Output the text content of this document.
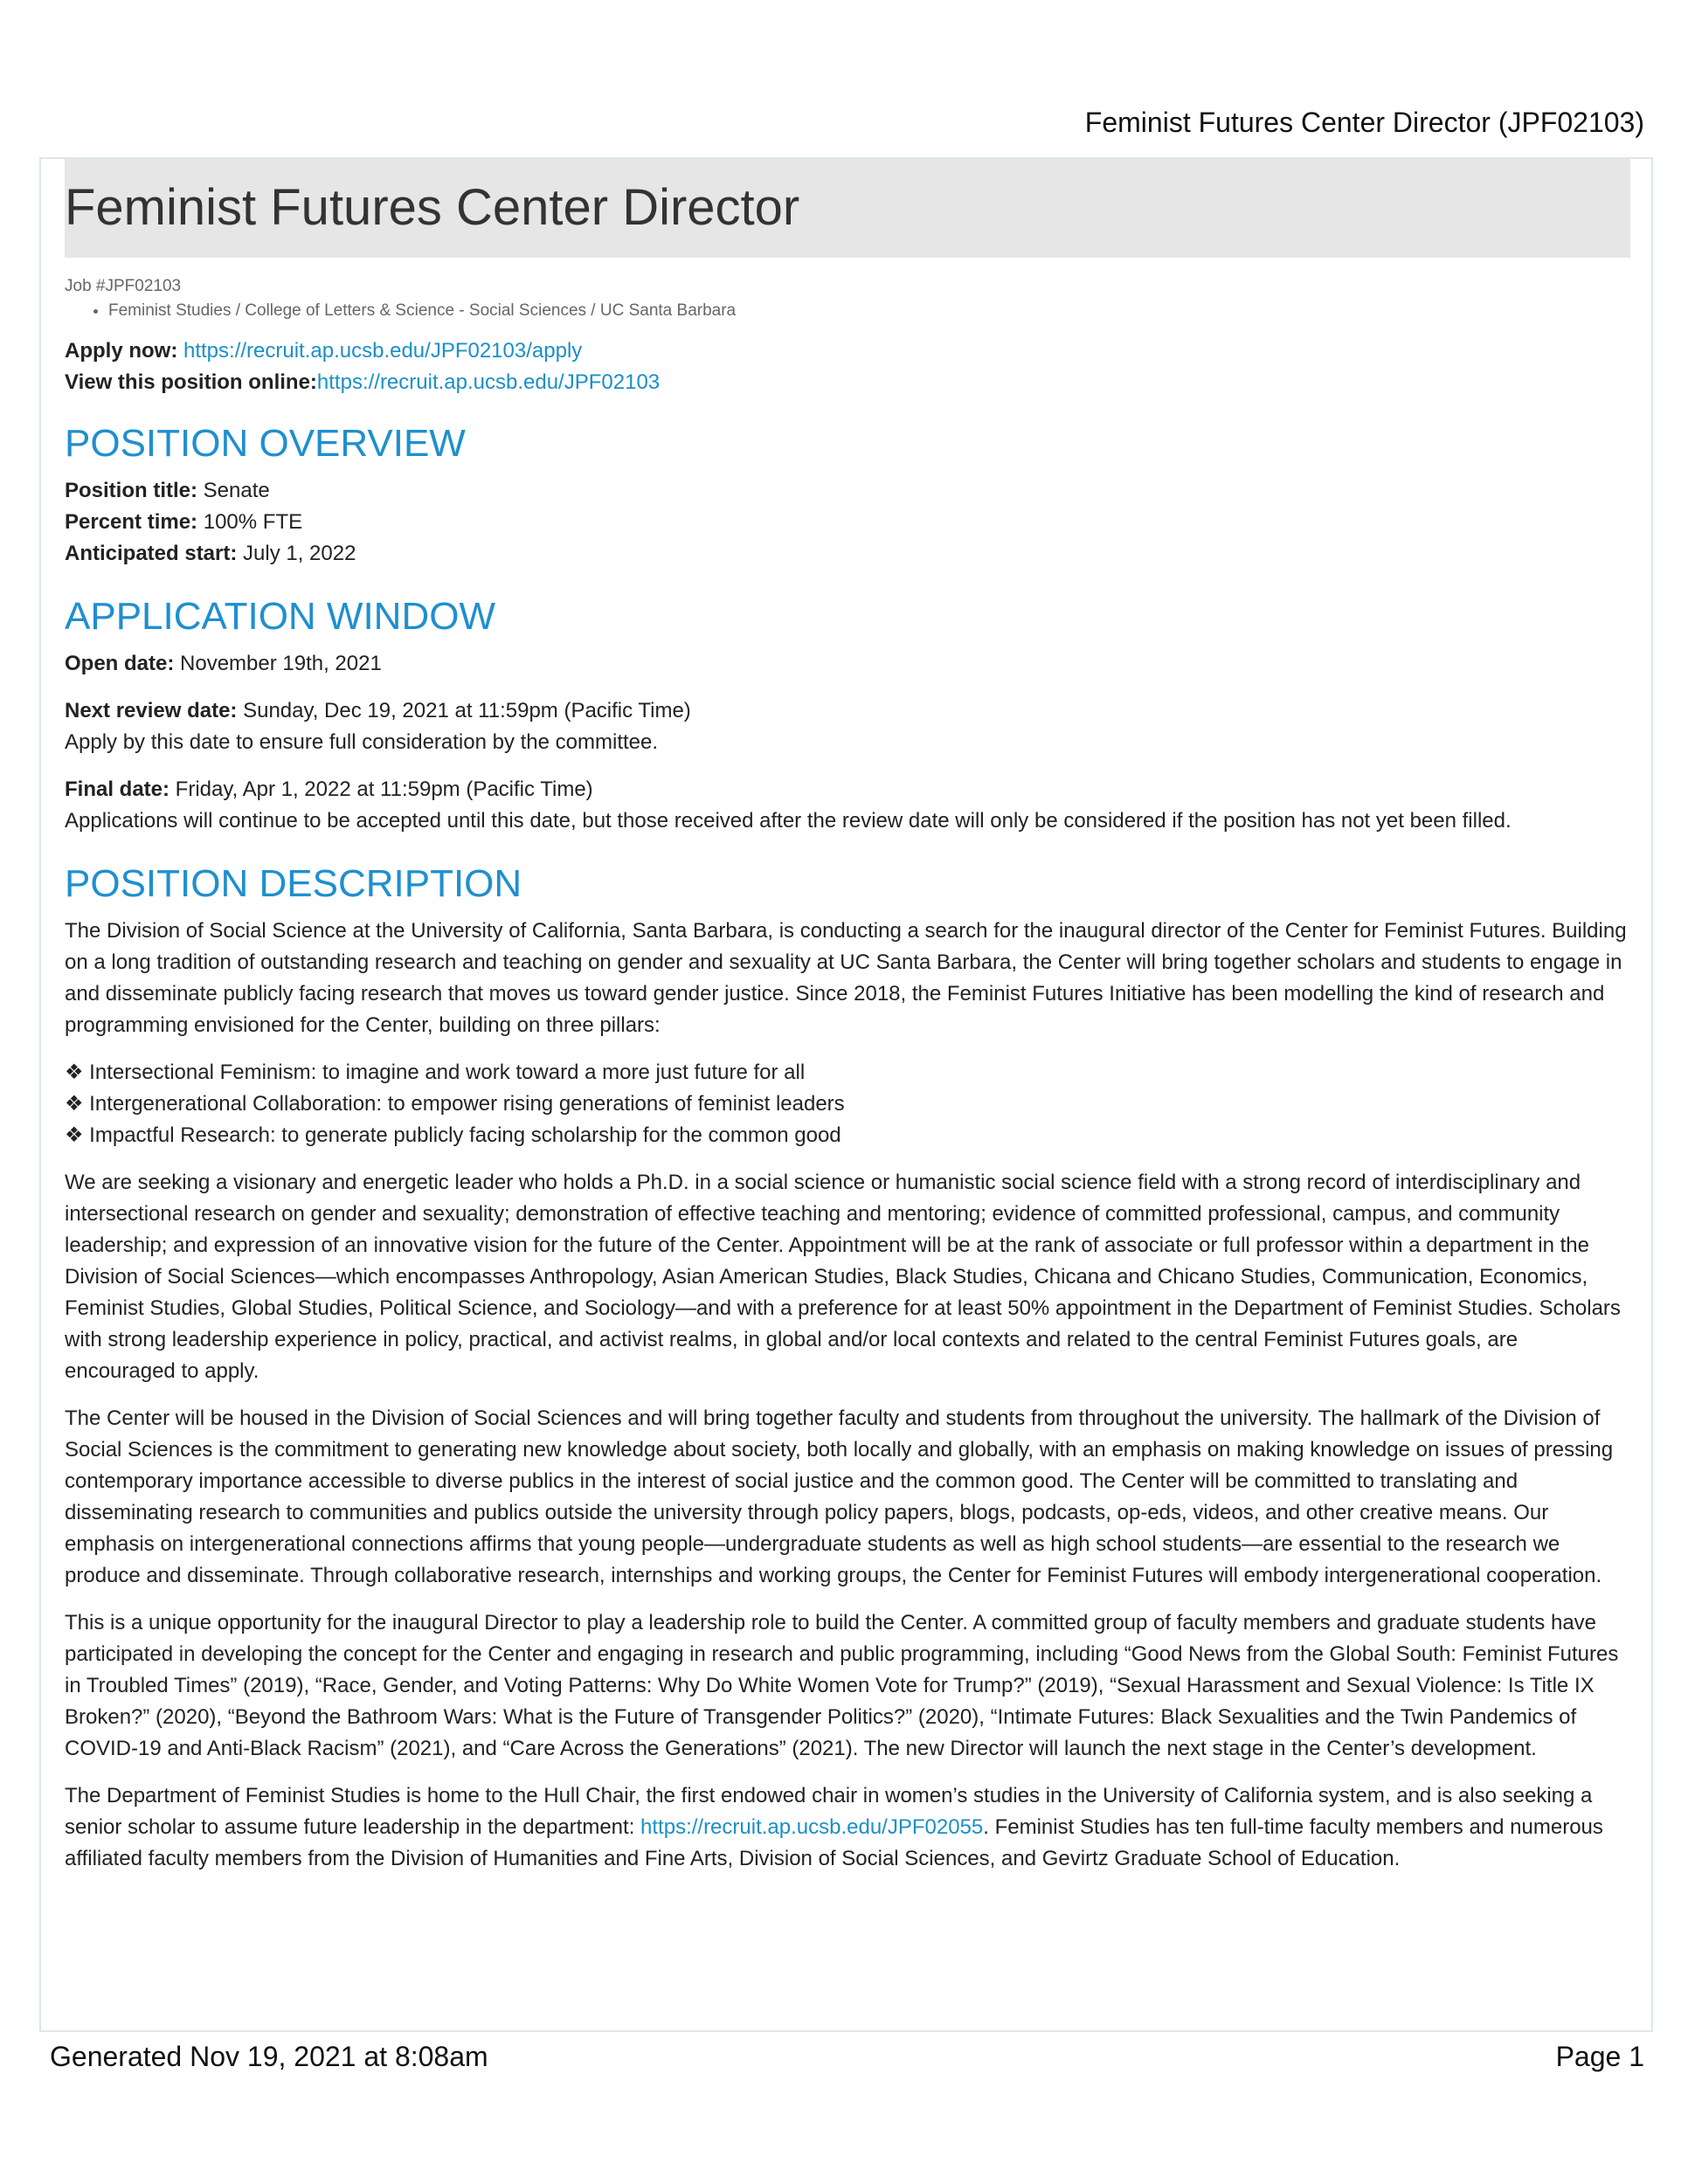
Feminist Futures Center Director (JPF02103)
Feminist Futures Center Director
Job #JPF02103
• Feminist Studies / College of Letters & Science - Social Sciences / UC Santa Barbara

Apply now: https://recruit.ap.ucsb.edu/JPF02103/apply

View this position online:https://recruit.ap.ucsb.edu/JPF02103

POSITION OVERVIEW

Position title: Senate

Percent time: 100% FTE

Anticipated start: July 1, 2022

APPLICATION WINDOW

Open date: November 19th, 2021

Next review date: Sunday, Dec 19, 2021 at 11:59pm (Pacific Time)

Apply by this date to ensure full consideration by the committee.

Final date: Friday, Apr 1, 2022 at 11:59pm (Pacific Time)

Applications will continue to be accepted until this date, but those received after the review date will only be considered if the position has not yet been filled.

POSITION DESCRIPTION

The Division of Social Science at the University of California, Santa Barbara, is conducting a search for the inaugural director of the Center for Feminist Futures. Building on a long tradition of outstanding research and teaching on gender and sexuality at UC Santa Barbara, the Center will bring together scholars and students to engage in and disseminate publicly facing research that moves us toward gender justice. Since 2018, the Feminist Futures Initiative has been modelling the kind of research and programming envisioned for the Center, building on three pillars:

❖ Intersectional Feminism: to imagine and work toward a more just future for all

❖ Intergenerational Collaboration: to empower rising generations of feminist leaders

❖ Impactful Research: to generate publicly facing scholarship for the common good

We are seeking a visionary and energetic leader who holds a Ph.D. in a social science or humanistic social science field with a strong record of interdisciplinary and intersectional research on gender and sexuality; demonstration of effective teaching and mentoring; evidence of committed professional, campus, and community leadership; and expression of an innovative vision for the future of the Center. Appointment will be at the rank of associate or full professor within a department in the Division of Social Sciences—which encompasses Anthropology, Asian American Studies, Black Studies, Chicana and Chicano Studies, Communication, Economics, Feminist Studies, Global Studies, Political Science, and Sociology—and with a preference for at least 50% appointment in the Department of Feminist Studies. Scholars with strong leadership experience in policy, practical, and activist realms, in global and/or local contexts and related to the central Feminist Futures goals, are encouraged to apply.

The Center will be housed in the Division of Social Sciences and will bring together faculty and students from throughout the university. The hallmark of the Division of Social Sciences is the commitment to generating new knowledge about society, both locally and globally, with an emphasis on making knowledge on issues of pressing contemporary importance accessible to diverse publics in the interest of social justice and the common good. The Center will be committed to translating and disseminating research to communities and publics outside the university through policy papers, blogs, podcasts, op-eds, videos, and other creative means. Our emphasis on intergenerational connections affirms that young people—undergraduate students as well as high school students—are essential to the research we produce and disseminate. Through collaborative research, internships and working groups, the Center for Feminist Futures will embody intergenerational cooperation.

This is a unique opportunity for the inaugural Director to play a leadership role to build the Center. A committed group of faculty members and graduate students have participated in developing the concept for the Center and engaging in research and public programming, including “Good News from the Global South: Feminist Futures in Troubled Times” (2019), “Race, Gender, and Voting Patterns: Why Do White Women Vote for Trump?” (2019), “Sexual Harassment and Sexual Violence: Is Title IX Broken?” (2020), “Beyond the Bathroom Wars: What is the Future of Transgender Politics?” (2020), “Intimate Futures: Black Sexualities and the Twin Pandemics of COVID-19 and Anti-Black Racism” (2021), and “Care Across the Generations” (2021). The new Director will launch the next stage in the Center’s development.

The Department of Feminist Studies is home to the Hull Chair, the first endowed chair in women’s studies in the University of California system, and is also seeking a senior scholar to assume future leadership in the department: https://recruit.ap.ucsb.edu/JPF02055. Feminist Studies has ten full-time faculty members and numerous affiliated faculty members from the Division of Humanities and Fine Arts, Division of Social Sciences, and Gevirtz Graduate School of Education.

Generated Nov 19, 2021 at 8:08am	Page 1
